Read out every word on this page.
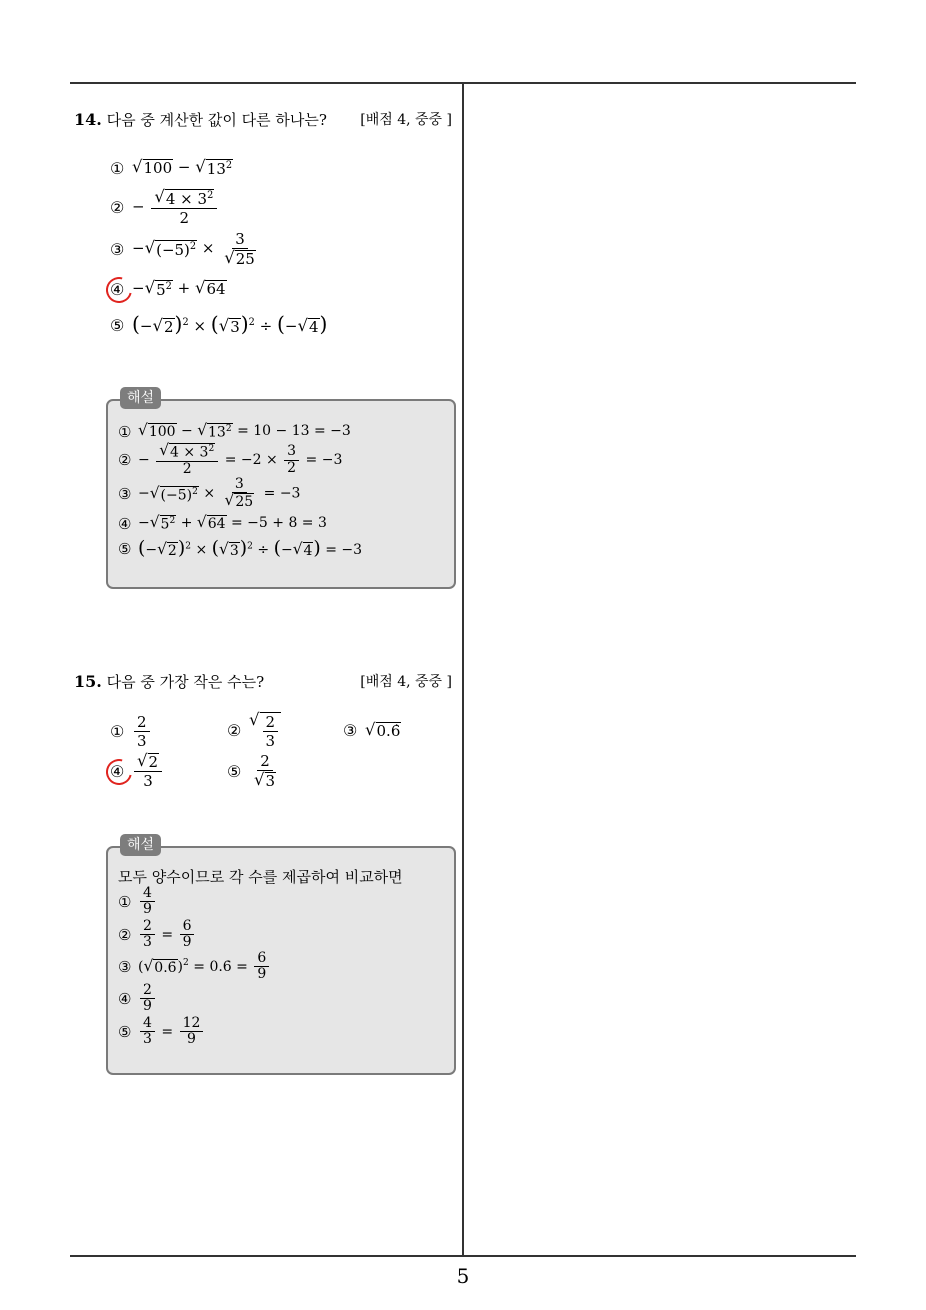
5
14. 다음 중 계산한 값이 다른 하나는? [배점 4, 중중 ]
① √ 100 − √ $13^2$
② − $\frac{√ 4 \times 3^2}{2}$
③ − √ $(-5)^2 \times \frac{3}{√ 25}$
④ − √ $5^2$ + √ 64
⑤ (− √ 2 )$^2$ × ( √ 3 )$^2$ ÷ (− √ 4 )
해설
① √ 100 − √ $13^2 = 10 - 13 = -3$
② − $\frac{√ 4 \times 3^2}{2} = -2 \times \frac{3}{2} = -3$
③ − √ $(-5)^2 \times \frac{3}{√ 25} = -3$
④ − √ $5^2$ + √ 64 = −5 + 8 = 3
⑤ (− √ 2 )$^2$ × ( √ 3 )$^2$ ÷ (− √ 4 ) = −3
15. 다음 중 가장 작은 수는?	[배점 4, 중중 ]
① $\frac{2}{3}$	②
√ $\frac{2}{3}$	③ √ 0.6̇
④ $\frac{√ 2}{3}$	⑤ $\frac{2}{√ 3}$
해설
모두 양수이므로 각 수를 제곱하여 비교하면
① $\frac{4}{9}$
② $\frac{2}{3} = \frac{6}{9}$
③ ( √ 0.6̇ )$^2$ = 0.6̇ = $\frac{6}{9}$
④ $\frac{2}{9}$
⑤ $\frac{4}{3} = \frac{12}{9}$
